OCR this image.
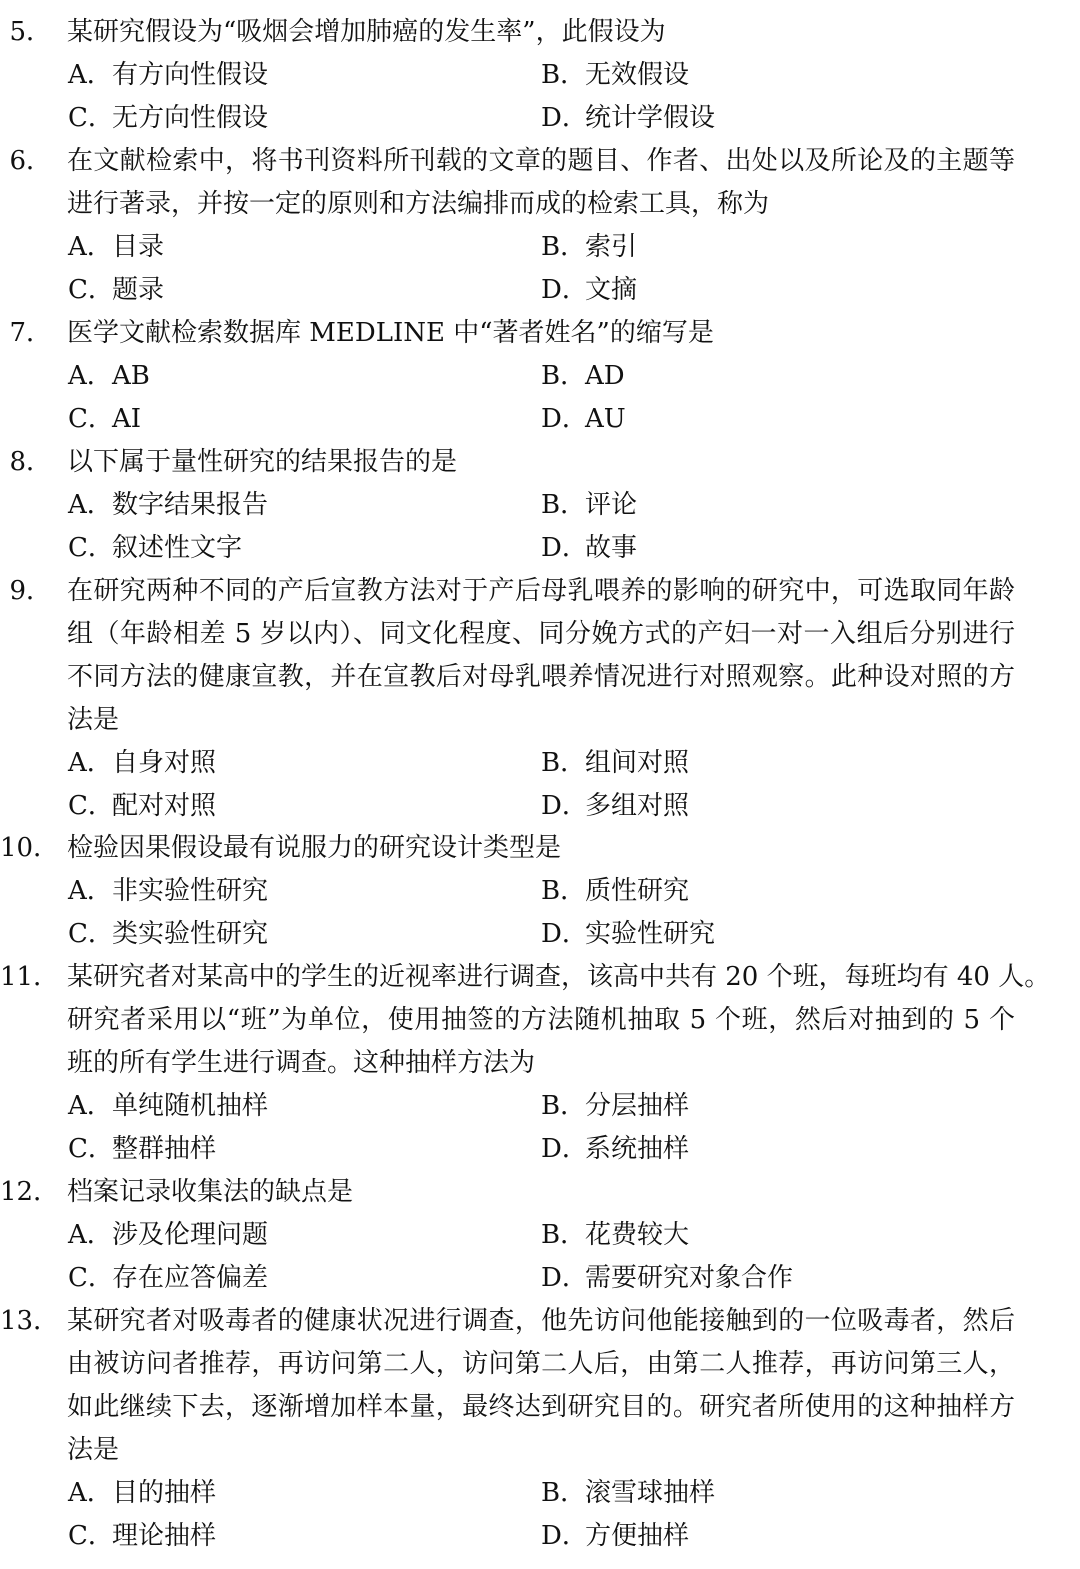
5． 某研究假设为“吸烟会增加肺癌的发生率”，此假设为
A．有方向性假设	B．无效假设
C．无方向性假设	D．统计学假设
6． 在文献检索中，将书刊资料所刊载的文章的题目、作者、出处以及所论及的主题等
进行著录，并按一定的原则和方法编排而成的检索工具，称为
A．目录	B．索引
C．题录	D．文摘
7． 医学文献检索数据库 MEDLINE 中“著者姓名”的缩写是
A．AB	B．AD
C．AI	D．AU
8． 以下属于量性研究的结果报告的是
A．数字结果报告	B．评论
C．叙述性文字	D．故事
9． 在研究两种不同的产后宣教方法对于产后母乳喂养的影响的研究中，可选取同年龄
组（年龄相差 5 岁以内）、同文化程度、同分娩方式的产妇一对一入组后分别进行
不同方法的健康宣教，并在宣教后对母乳喂养情况进行对照观察。此种设对照的方
法是
A．自身对照	B．组间对照
C．配对对照	D．多组对照
10． 检验因果假设最有说服力的研究设计类型是
A．非实验性研究	B．质性研究
C．类实验性研究	D．实验性研究
11． 某研究者对某高中的学生的近视率进行调查，该高中共有 20 个班，每班均有 40 人。
研究者采用以“班”为单位，使用抽签的方法随机抽取 5 个班，然后对抽到的 5 个
班的所有学生进行调查。这种抽样方法为
A．单纯随机抽样	B．分层抽样
C．整群抽样	D．系统抽样
12． 档案记录收集法的缺点是
A．涉及伦理问题	B．花费较大
C．存在应答偏差	D．需要研究对象合作
13． 某研究者对吸毒者的健康状况进行调查，他先访问他能接触到的一位吸毒者，然后
由被访问者推荐，再访问第二人，访问第二人后，由第二人推荐，再访问第三人，
如此继续下去，逐渐增加样本量，最终达到研究目的。研究者所使用的这种抽样方
法是
A．目的抽样	B．滚雪球抽样
C．理论抽样	D．方便抽样
